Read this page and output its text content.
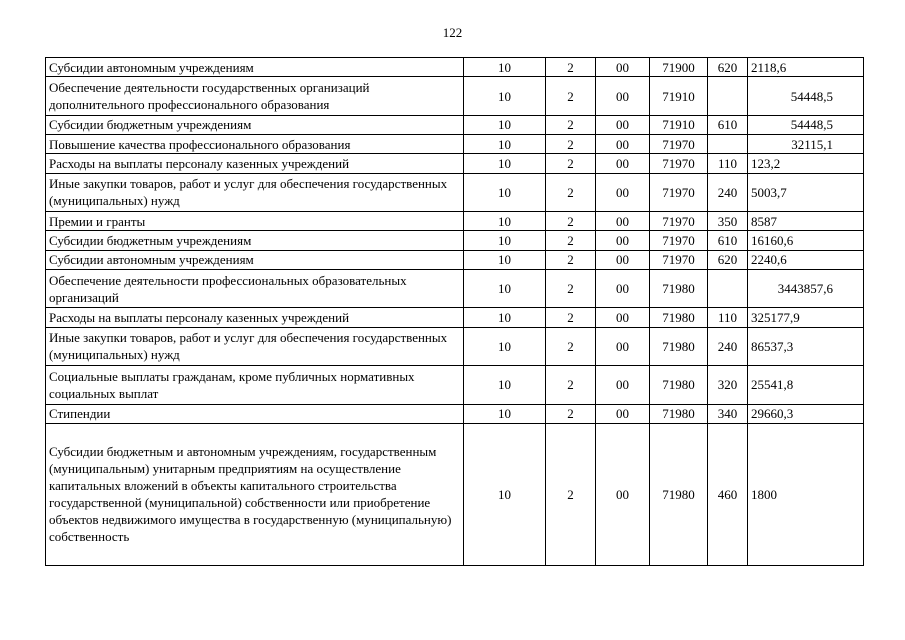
122
Субсидии автономным учреждениям	10	2	00	71900	620	2118,6
Обеспечение деятельности государственных организаций дополнительного профессионального образования	10	2	00	71910		54448,5
Субсидии бюджетным учреждениям	10	2	00	71910	610	54448,5
Повышение качества профессионального образования	10	2	00	71970		32115,1
Расходы на выплаты персоналу казенных учреждений	10	2	00	71970	110	123,2
Иные закупки товаров, работ и услуг для обеспечения государственных (муниципальных) нужд	10	2	00	71970	240	5003,7
Премии и гранты	10	2	00	71970	350	8587
Субсидии бюджетным учреждениям	10	2	00	71970	610	16160,6
Субсидии автономным учреждениям	10	2	00	71970	620	2240,6
Обеспечение деятельности профессиональных образовательных организаций	10	2	00	71980		3443857,6
Расходы на выплаты персоналу казенных учреждений	10	2	00	71980	110	325177,9
Иные закупки товаров, работ и услуг для обеспечения государственных (муниципальных) нужд	10	2	00	71980	240	86537,3
Социальные выплаты гражданам, кроме публичных нормативных социальных выплат	10	2	00	71980	320	25541,8
Стипендии	10	2	00	71980	340	29660,3
Субсидии бюджетным и автономным учреждениям, государственным (муниципальным) унитарным предприятиям на осуществление капитальных вложений в объекты капитального строительства государственной (муниципальной) собственности или приобретение объектов недвижимого имущества в государственную (муниципальную) собственность	10	2	00	71980	460	1800
